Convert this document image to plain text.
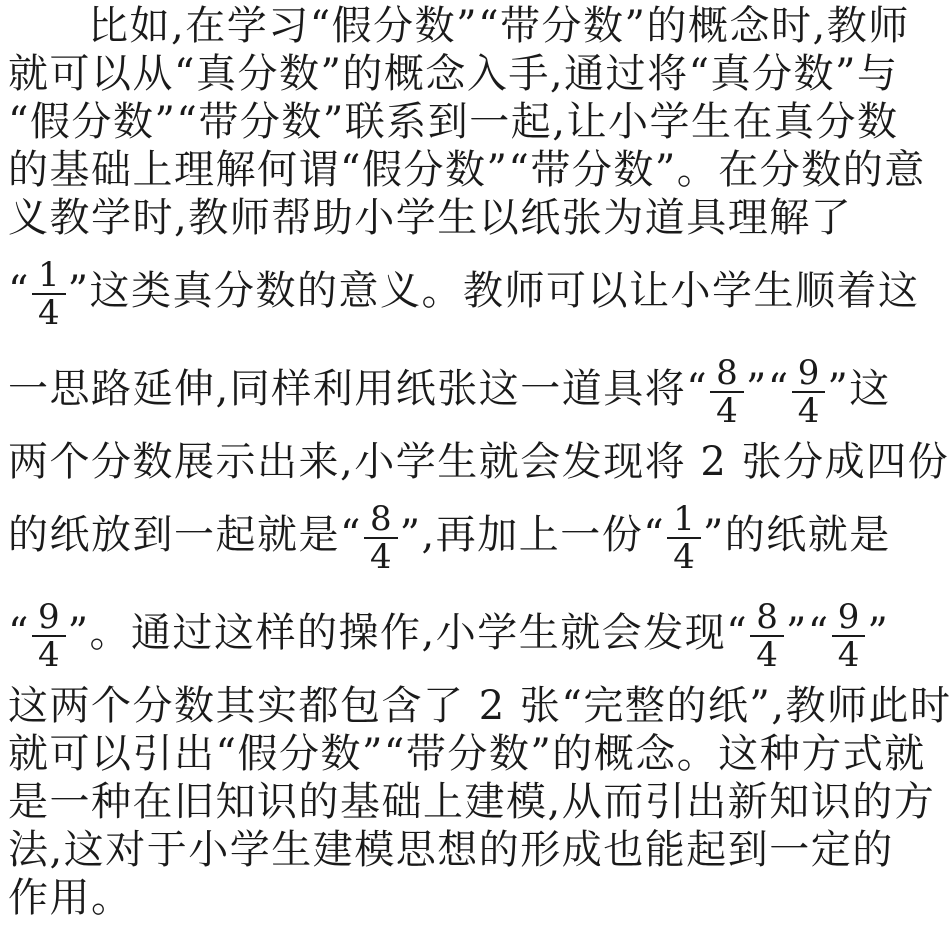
比如,在学习“假分数”“带分数”的概念时,教师
就可以从“真分数”的概念入手,通过将“真分数”与
“假分数”“带分数”联系到一起,让小学生在真分数
的基础上理解何谓“假分数”“带分数”。在分数的意
义教学时,教师帮助小学生以纸张为道具理解了
“ $\frac{1}{4}$ ”这类真分数的意义。教师可以让小学生顺着这
一思路延伸,同样利用纸张这一道具将“ $\frac{8}{4}$ ”“ $\frac{9}{4}$ ”这
两个分数展示出来,小学生就会发现将 2 张分成四份
的纸放到一起就是“ $\frac{8}{4}$ ”,再加上一份“ $\frac{1}{4}$ ”的纸就是
“ $\frac{9}{4}$ ”。通过这样的操作,小学生就会发现“ $\frac{8}{4}$ ”“ $\frac{9}{4}$ ”
这两个分数其实都包含了 2 张“完整的纸”,教师此时
就可以引出“假分数”“带分数”的概念。这种方式就
是一种在旧知识的基础上建模,从而引出新知识的方
法,这对于小学生建模思想的形成也能起到一定的
作用。
